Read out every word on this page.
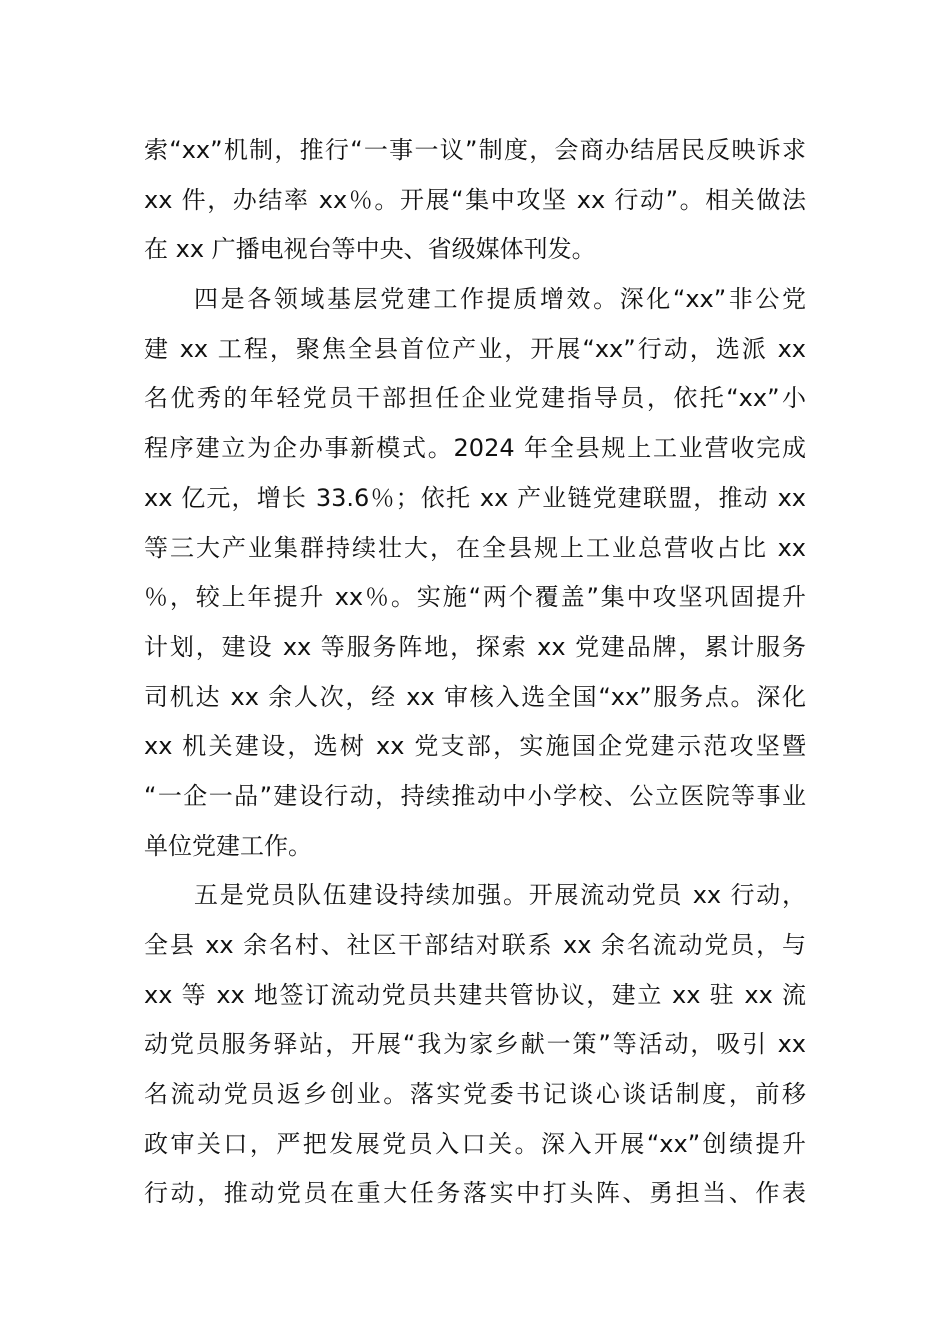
索“xx”机制，推行“一事一议”制度，会商办结居民反映诉求
xx 件，办结率 xx％。开展“集中攻坚 xx 行动”。相关做法
在 xx 广播电视台等中央、省级媒体刊发。
四是各领域基层党建工作提质增效。深化“xx”非公党
建 xx 工程，聚焦全县首位产业，开展“xx”行动，选派 xx
名优秀的年轻党员干部担任企业党建指导员，依托“xx”小
程序建立为企办事新模式。2024 年全县规上工业营收完成
xx 亿元，增长 33.6％；依托 xx 产业链党建联盟，推动 xx
等三大产业集群持续壮大，在全县规上工业总营收占比 xx
％，较上年提升 xx％。实施“两个覆盖”集中攻坚巩固提升
计划，建设 xx 等服务阵地，探索 xx 党建品牌，累计服务
司机达 xx 余人次，经 xx 审核入选全国“xx”服务点。深化
xx 机关建设，选树 xx 党支部，实施国企党建示范攻坚暨
“一企一品”建设行动，持续推动中小学校、公立医院等事业
单位党建工作。
五是党员队伍建设持续加强。开展流动党员 xx 行动，
全县 xx 余名村、社区干部结对联系 xx 余名流动党员，与
xx 等 xx 地签订流动党员共建共管协议，建立 xx 驻 xx 流
动党员服务驿站，开展“我为家乡献一策”等活动，吸引 xx
名流动党员返乡创业。落实党委书记谈心谈话制度，前移
政审关口，严把发展党员入口关。深入开展“xx”创绩提升
行动，推动党员在重大任务落实中打头阵、勇担当、作表
